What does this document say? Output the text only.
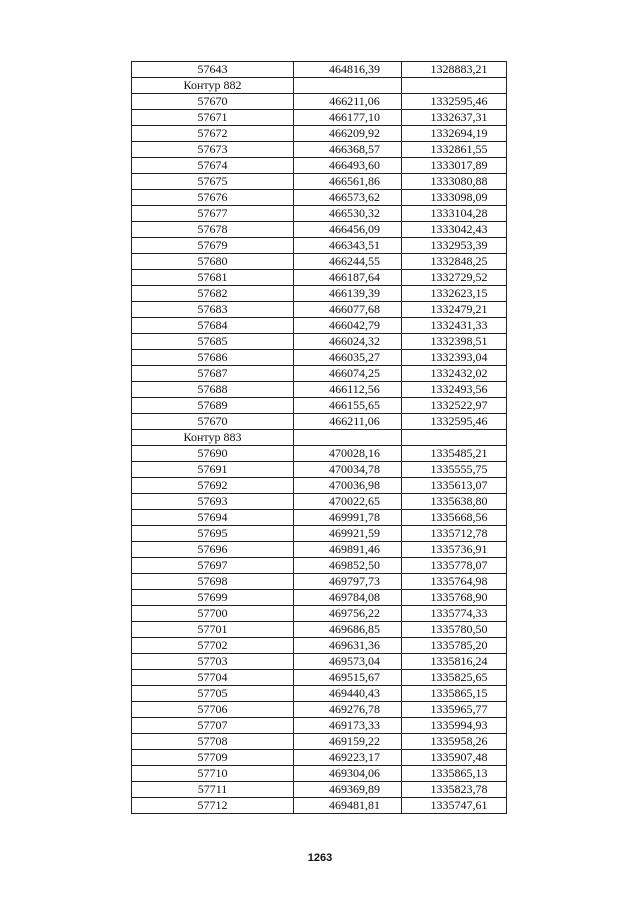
57643	464816,39	1328883,21
Контур 882		
57670	466211,06	1332595,46
57671	466177,10	1332637,31
57672	466209,92	1332694,19
57673	466368,57	1332861,55
57674	466493,60	1333017,89
57675	466561,86	1333080,88
57676	466573,62	1333098,09
57677	466530,32	1333104,28
57678	466456,09	1333042,43
57679	466343,51	1332953,39
57680	466244,55	1332848,25
57681	466187,64	1332729,52
57682	466139,39	1332623,15
57683	466077,68	1332479,21
57684	466042,79	1332431,33
57685	466024,32	1332398,51
57686	466035,27	1332393,04
57687	466074,25	1332432,02
57688	466112,56	1332493,56
57689	466155,65	1332522,97
57670	466211,06	1332595,46
Контур 883		
57690	470028,16	1335485,21
57691	470034,78	1335555,75
57692	470036,98	1335613,07
57693	470022,65	1335638,80
57694	469991,78	1335668,56
57695	469921,59	1335712,78
57696	469891,46	1335736,91
57697	469852,50	1335778,07
57698	469797,73	1335764,98
57699	469784,08	1335768,90
57700	469756,22	1335774,33
57701	469686,85	1335780,50
57702	469631,36	1335785,20
57703	469573,04	1335816,24
57704	469515,67	1335825,65
57705	469440,43	1335865,15
57706	469276,78	1335965,77
57707	469173,33	1335994,93
57708	469159,22	1335958,26
57709	469223,17	1335907,48
57710	469304,06	1335865,13
57711	469369,89	1335823,78
57712	469481,81	1335747,61
1263
